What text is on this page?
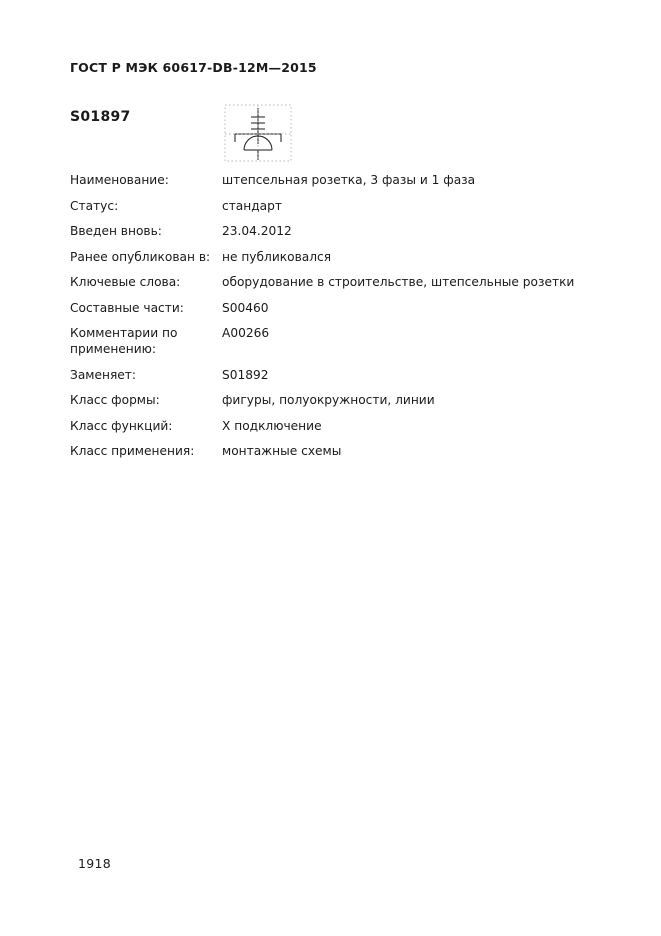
ГОСТ Р МЭК 60617-DB-12M—2015
S01897
Наименование:	штепсельная розетка, 3 фазы и 1 фаза
Статус:	стандарт
Введен вновь:	23.04.2012
Ранее опубликован в: не публиковался
Ключевые слова:	оборудование в строительстве, штепсельные розетки
Составные части:	S00460
Комментарии по	A00266
применению:
Заменяет:	S01892
Класс формы:	фигуры, полуокружности, линии
Класс функций:	X подключение
Класс применения:	монтажные схемы
1918
